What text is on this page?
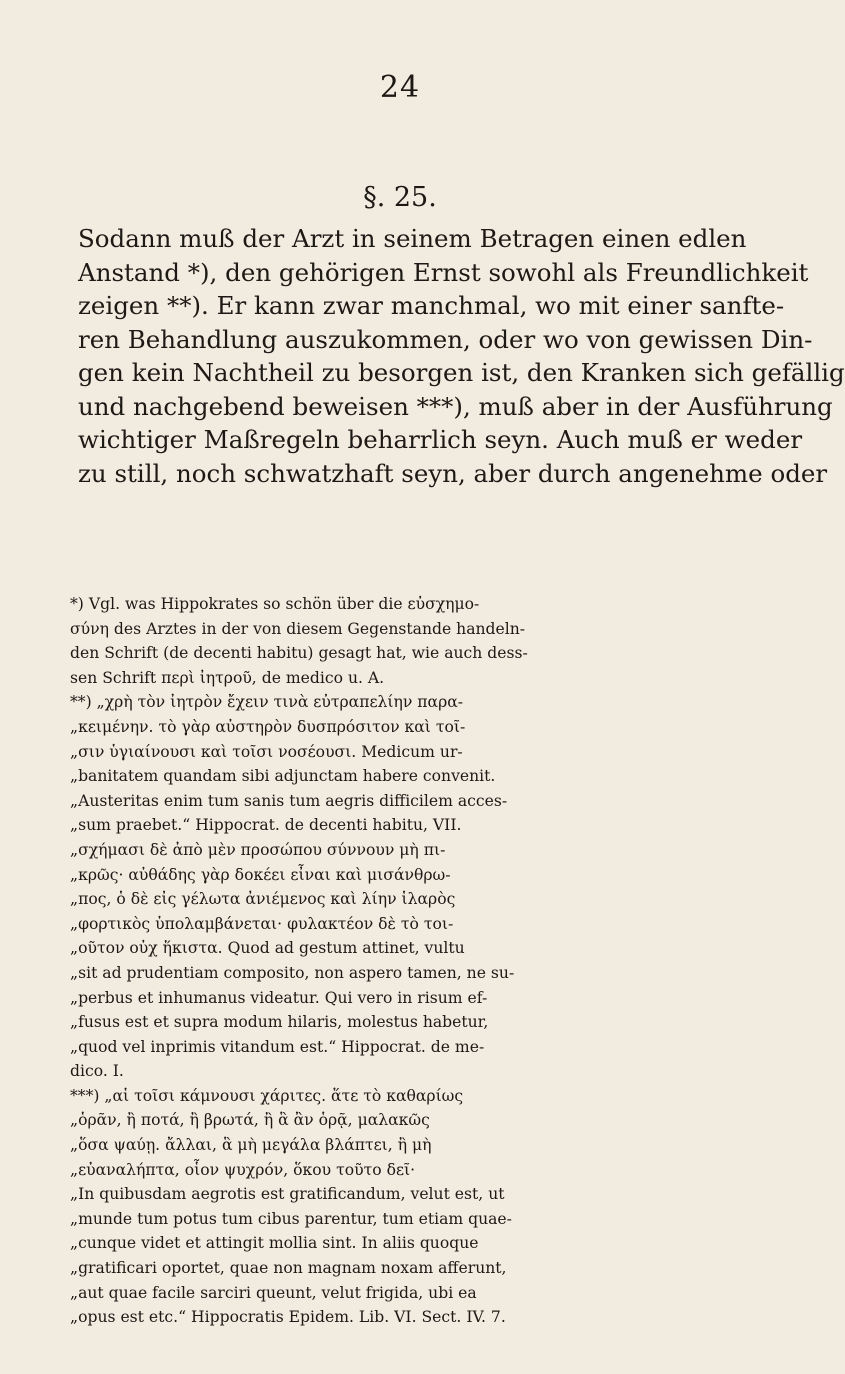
24
§. 25.
Sodann muß der Arzt in seinem Betragen einen edlen
Anstand *), den gehörigen Ernst sowohl als Freundlichkeit
zeigen **). Er kann zwar manchmal, wo mit einer sanfte-
ren Behandlung auszukommen, oder wo von gewissen Din-
gen kein Nachtheil zu besorgen ist, den Kranken sich gefällig
und nachgebend beweisen ***), muß aber in der Ausführung
wichtiger Maßregeln beharrlich seyn. Auch muß er weder
zu still, noch schwatzhaft seyn, aber durch angenehme oder
*) Vgl. was Hippokrates so schön über die εὐσχημο-
σύνη des Arztes in der von diesem Gegenstande handeln-
den Schrift (de decenti habitu) gesagt hat, wie auch dess-
sen Schrift περὶ ἰητροῦ, de medico u. A.
**) „χρὴ τὸν ἰητρὸν ἔχειν τινὰ εὐτραπελίην παρα-
„κειμένην. τὸ γὰρ αὐστηρὸν δυσπρόσιτον καὶ τοῖ-
„σιν ὑγιαίνουσι καὶ τοῖσι νοσέουσι. Medicum ur-
„banitatem quandam sibi adjunctam habere convenit.
„Austeritas enim tum sanis tum aegris difficilem acces-
„sum praebet.“ Hippocrat. de decenti habitu, VII.
„σχήμασι δὲ ἀπὸ μὲν προσώπου σύννουν μὴ πι-
„κρῶς· αὐθάδης γὰρ δοκέει εἶναι καὶ μισάνθρω-
„πος, ὁ δὲ εἰς γέλωτα ἀνιέμενος καὶ λίην ἱλαρὸς
„φορτικὸς ὑπολαμβάνεται· φυλακτέον δὲ τὸ τοι-
„οῦτον οὐχ ἥκιστα. Quod ad gestum attinet, vultu
„sit ad prudentiam composito, non aspero tamen, ne su-
„perbus et inhumanus videatur. Qui vero in risum ef-
„fusus est et supra modum hilaris, molestus habetur,
„quod vel inprimis vitandum est.“ Hippocrat. de me-
dico. I.
***) „αἱ τοῖσι κάμνουσι χάριτες. ἅτε τὸ καθαρίως
„ὁρᾶν, ἢ ποτά, ἢ βρωτά, ἢ ἃ ἂν ὁρᾷ, μαλακῶς
„ὅσα ψαύῃ. ἄλλαι, ἃ μὴ μεγάλα βλάπτει, ἢ μὴ
„εὐαναλήπτα, οἷον ψυχρόν, ὅκου τοῦτο δεῖ·
„In quibusdam aegrotis est gratificandum, velut est, ut
„munde tum potus tum cibus parentur, tum etiam quae-
„cunque videt et attingit mollia sint. In aliis quoque
„gratificari oportet, quae non magnam noxam afferunt,
„aut quae facile sarciri queunt, velut frigida, ubi ea
„opus est etc.“ Hippocratis Epidem. Lib. VI. Sect. IV. 7.
